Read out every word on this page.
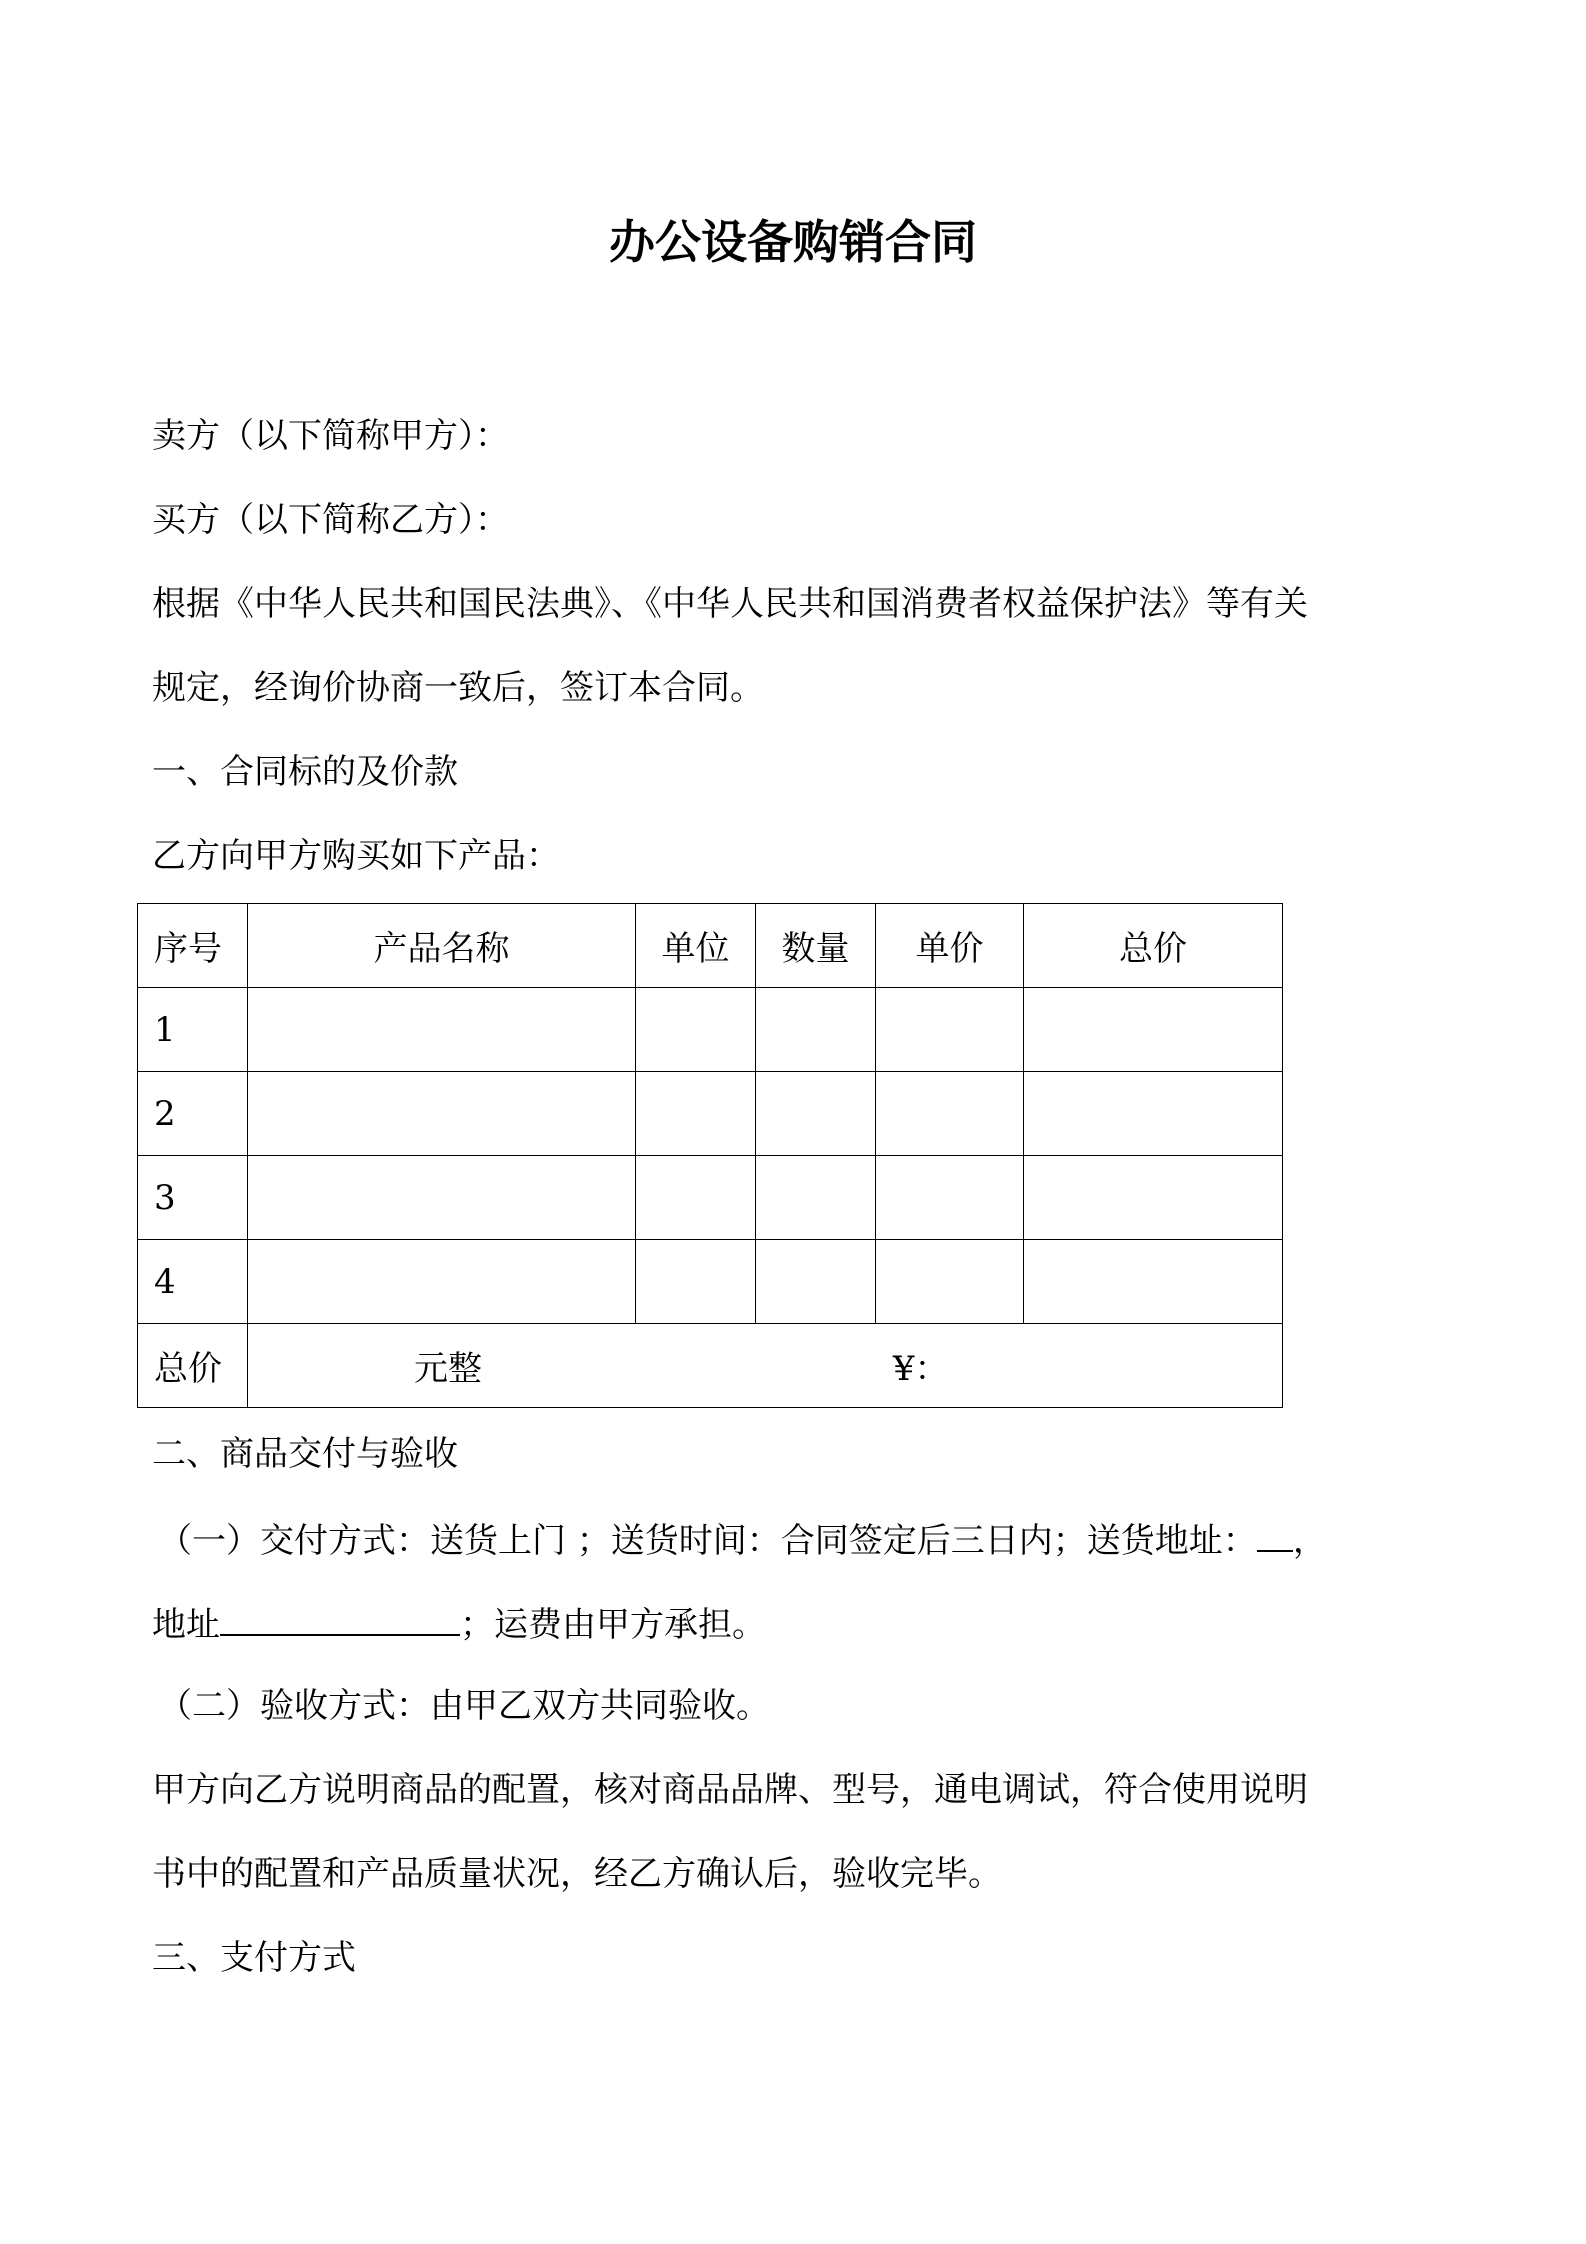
办公设备购销合同
卖方（以下简称甲方）：
买方（以下简称乙方）：
根据《中华人民共和国民法典》、《中华人民共和国消费者权益保护法》等有关
规定，经询价协商一致后，签订本合同。
一、合同标的及价款
乙方向甲方购买如下产品：
序号	产品名称	单位	数量	单价	总价
1					
2					
3					
4					
总价	元整 ¥：				
二、商品交付与验收
（一）交付方式：送货上门 ；送货时间：合同签定后三日内；送货地址： ，
地址	；运费由甲方承担。
（二）验收方式：由甲乙双方共同验收。
甲方向乙方说明商品的配置，核对商品品牌、型号，通电调试，符合使用说明
书中的配置和产品质量状况，经乙方确认后，验收完毕。
三、支付方式
